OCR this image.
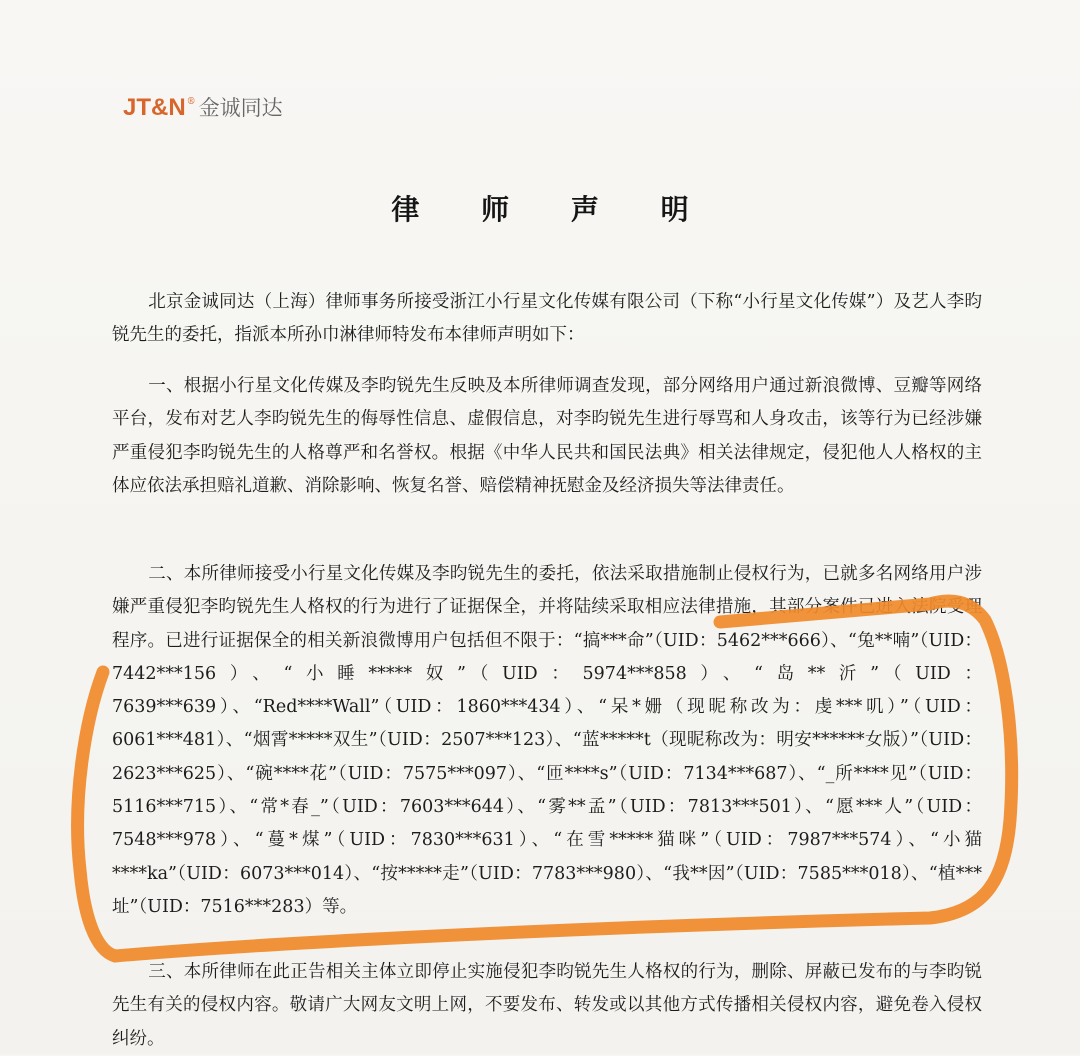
JT&N ® 金诚同达
律 师 声 明

北京金诚同达（上海）律师事务所接受浙江小行星文化传媒有限公司（下称“小行星文化传媒”）及艺人李昀锐先生的委托，指派本所孙巾淋律师特发布本律师声明如下：

一、根据小行星文化传媒及李昀锐先生反映及本所律师调查发现，部分网络用户通过新浪微博、豆瓣等网络平台，发布对艺人李昀锐先生的侮辱性信息、虚假信息，对李昀锐先生进行辱骂和人身攻击，该等行为已经涉嫌严重侵犯李昀锐先生的人格尊严和名誉权。根据《中华人民共和国民法典》相关法律规定，侵犯他人人格权的主体应依法承担赔礼道歉、消除影响、恢复名誉、赔偿精神抚慰金及经济损失等法律责任。

二、本所律师接受小行星文化传媒及李昀锐先生的委托，依法采取措施制止侵权行为，已就多名网络用户涉嫌严重侵犯李昀锐先生人格权的行为进行了证据保全，并将陆续采取相应法律措施，其部分案件已进入法院受理程序。已进行证据保全的相关新浪微博用户包括但不限于：“搞***命”（UID：5462***666）、“兔**喃”（UID：7442***156）、“小睡*****奴”（UID：5974***858）、“岛**沂”（UID：7639***639）、“Red****Wall”（UID：1860***434）、“呆*姗（现昵称改为：虔***叽）”（UID：6061***481）、“烟霄*****双生”（UID：2507***123）、“蓝*****t（现昵称改为：明安******女版）”（UID：2623***625）、“碗****花”（UID：7575***097）、“匝****s”（UID：7134***687）、“_所****见”（UID：5116***715）、“常*春_”（UID：7603***644）、“雾**孟”（UID：7813***501）、“愿***人”（UID：7548***978）、“蔓*煤”（UID：7830***631）、“在雪*****猫咪”（UID：7987***574）、“小猫****ka”（UID：6073***014）、“按*****走”（UID：7783***980）、“我**因”（UID：7585***018）、“植***址”（UID：7516***283）等。

三、本所律师在此正告相关主体立即停止实施侵犯李昀锐先生人格权的行为，删除、屏蔽已发布的与李昀锐先生有关的侵权内容。敬请广大网友文明上网，不要发布、转发或以其他方式传播相关侵权内容，避免卷入侵权纠纷。
